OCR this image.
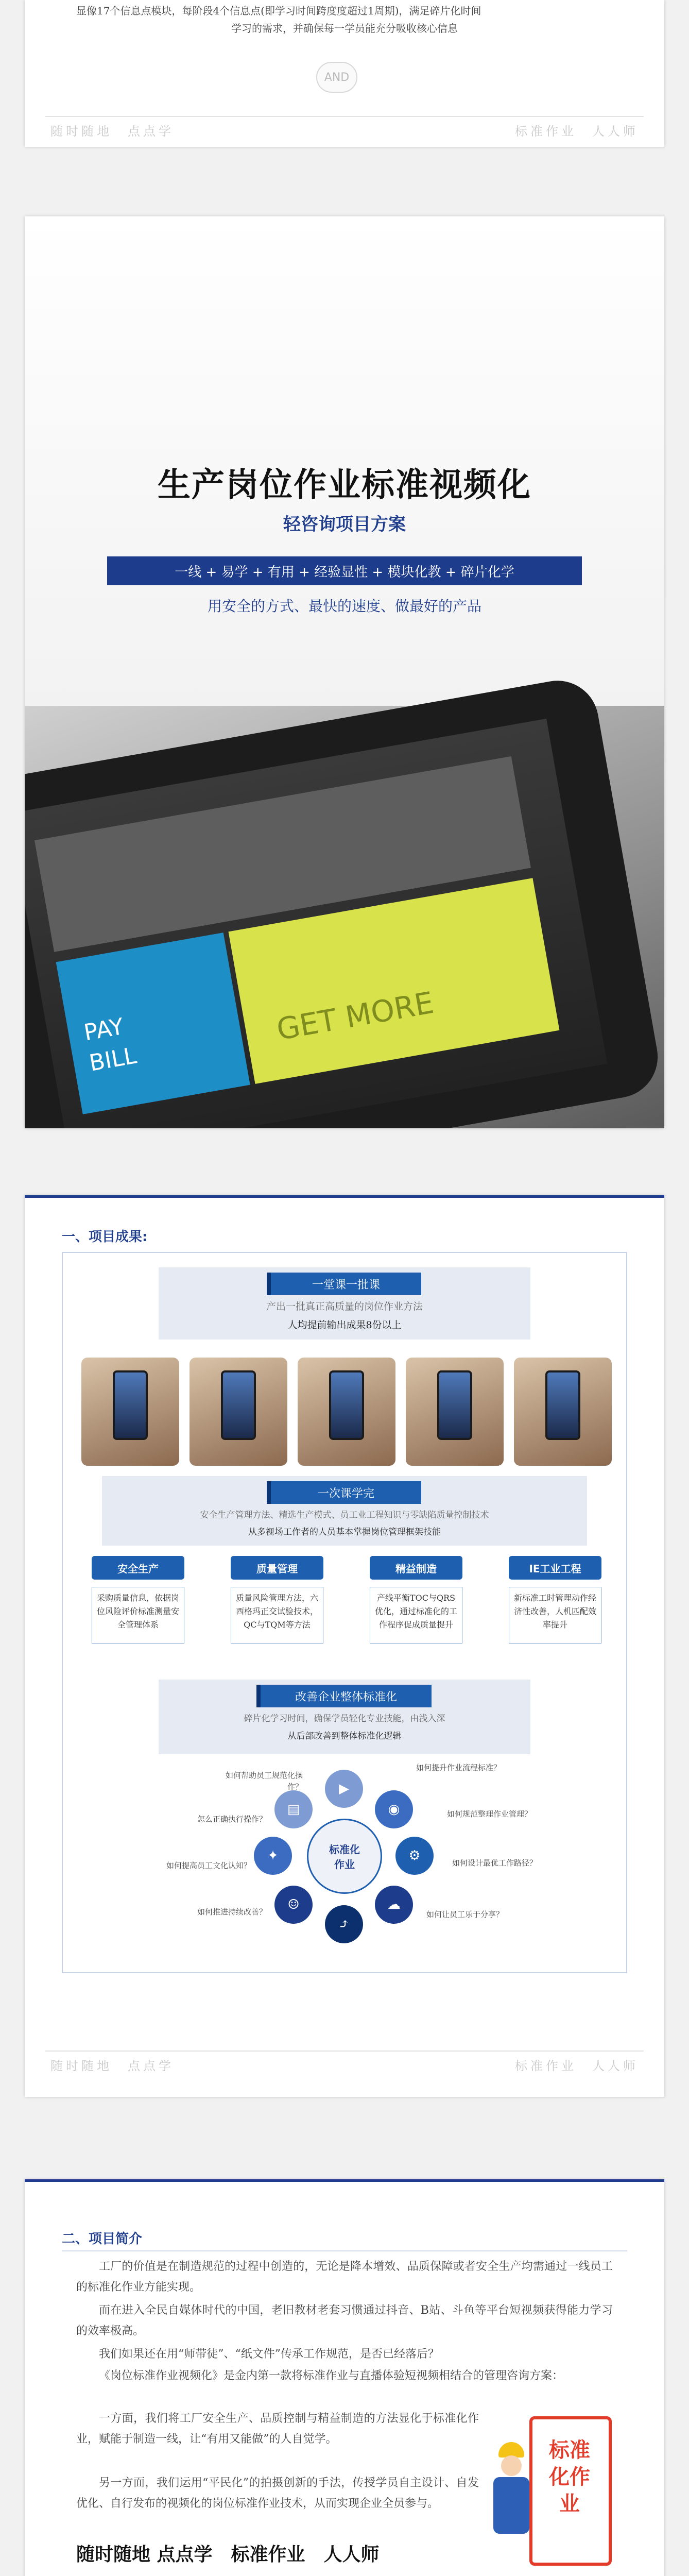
显像17个信息点模块，每阶段4个信息点(即学习时间跨度度超过1周期)，满足碎片化时间
学习的需求，并确保每一学员能充分吸收核心信息
AND
随时随地　点点学	标准作业　人人师
PAY
BILL
GET MORE
生产岗位作业标准视频化
轻咨询项目方案
一线 + 易学 + 有用 + 经验显性 + 模块化教 + 碎片化学
用安全的方式、最快的速度、做最好的产品
一、项目成果:
一堂课一批课
产出一批真正高质量的岗位作业方法
人均提前输出成果8份以上
一次课学完
安全生产管理方法、精选生产模式、员工业工程知识与零缺陷质量控制技术
从多视场工作者的人员基本掌握岗位管理框架技能
安全生产
采购质量信息，依据岗位风险评价标准测量安全管理体系
质量管理
质量风险管理方法，六西格玛正交试验技术，QC与TQM等方法
精益制造
产线平衡TOC与QRS优化，通过标准化的工作程序促成质量提升
IE工业工程
新标准工时管理动作经济性改善，人机匹配效率提升
改善企业整体标准化
碎片化学习时间，确保学员轻化专业技能，由浅入深
从后部改善到整体标准化逻辑
标准化
作业
▶
◉
⚙
☁
⤴
☺
✦
▤
如何帮助员工规范化操作？
如何提升作业流程标准？
怎么正确执行操作？
如何规范整理作业管理？
如何提高员工文化认知？	如何设计最优工作路径？
如何推进持续改善？	如何让员工乐于分享？
随时随地　点点学	标准作业　人人师
二、项目简介
工厂的价值是在制造规范的过程中创造的，无论是降本增效、品质保障或者安全生产均需通过一线员工的标准化作业方能实现。
而在进入全民自媒体时代的中国，老旧教材老套习惯通过抖音、B站、斗鱼等平台短视频获得能力学习的效率极高。
我们如果还在用“师带徒”、“纸文件”传承工作规范，是否已经落后？
《岗位标准作业视频化》是金内第一款将标准作业与直播体验短视频相结合的管理咨询方案：
一方面，我们将工厂安全生产、品质控制与精益制造的方法显化于标准化作业，赋能于制造一线，让“有用又能做”的人自觉学。
另一方面，我们运用“平民化”的拍摄创新的手法，传授学员自主设计、自发优化、自行发布的视频化的岗位标准作业技术，从而实现企业全员参与。
随时随地 点点学　标准作业　人人师
标准化作业
